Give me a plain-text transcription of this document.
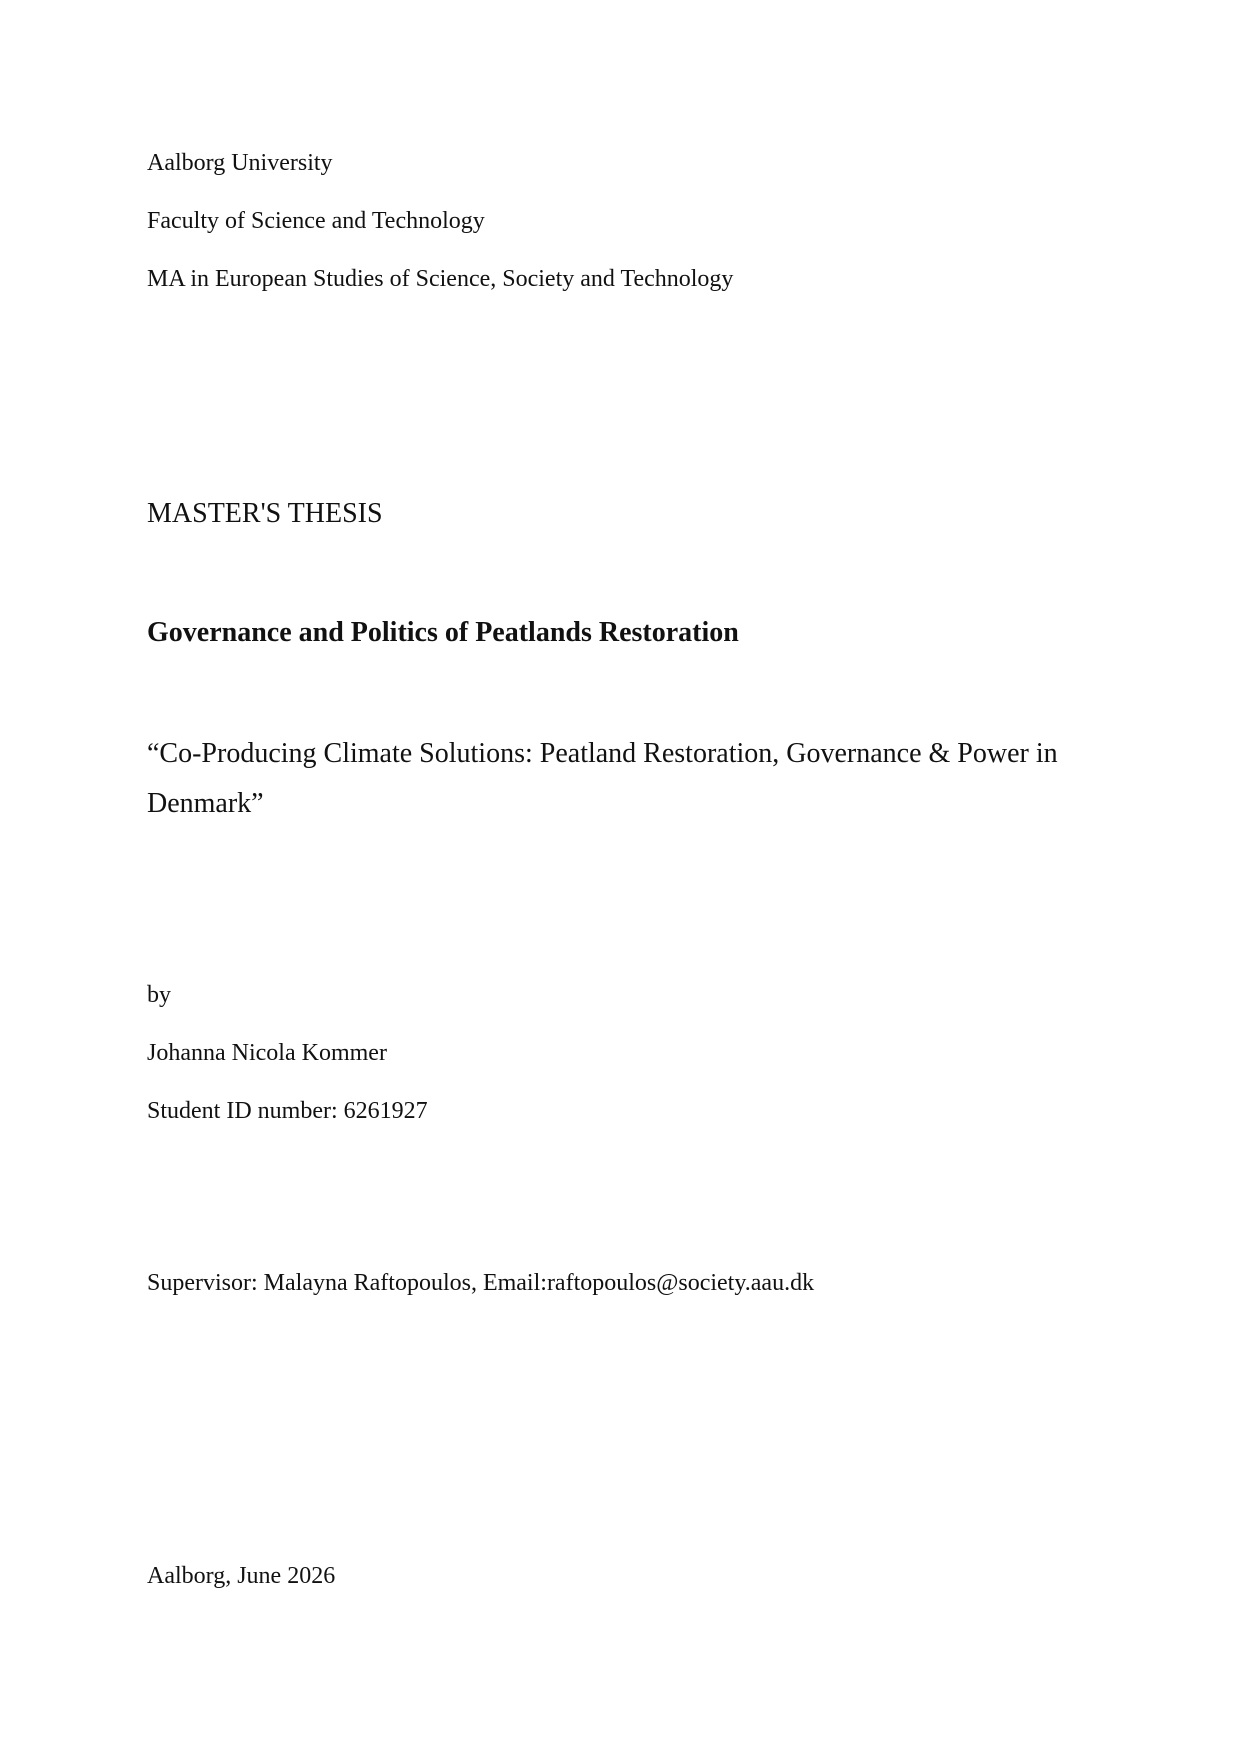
Aalborg University

Faculty of Science and Technology

MA in European Studies of Science, Society and Technology

MASTER'S THESIS

Governance and Politics of Peatlands Restoration

“Co-Producing Climate Solutions: Peatland Restoration, Governance & Power in Denmark”

by

Johanna Nicola Kommer

Student ID number: 6261927

Supervisor: Malayna Raftopoulos, Email:raftopoulos@society.aau.dk

Aalborg, June 2026
